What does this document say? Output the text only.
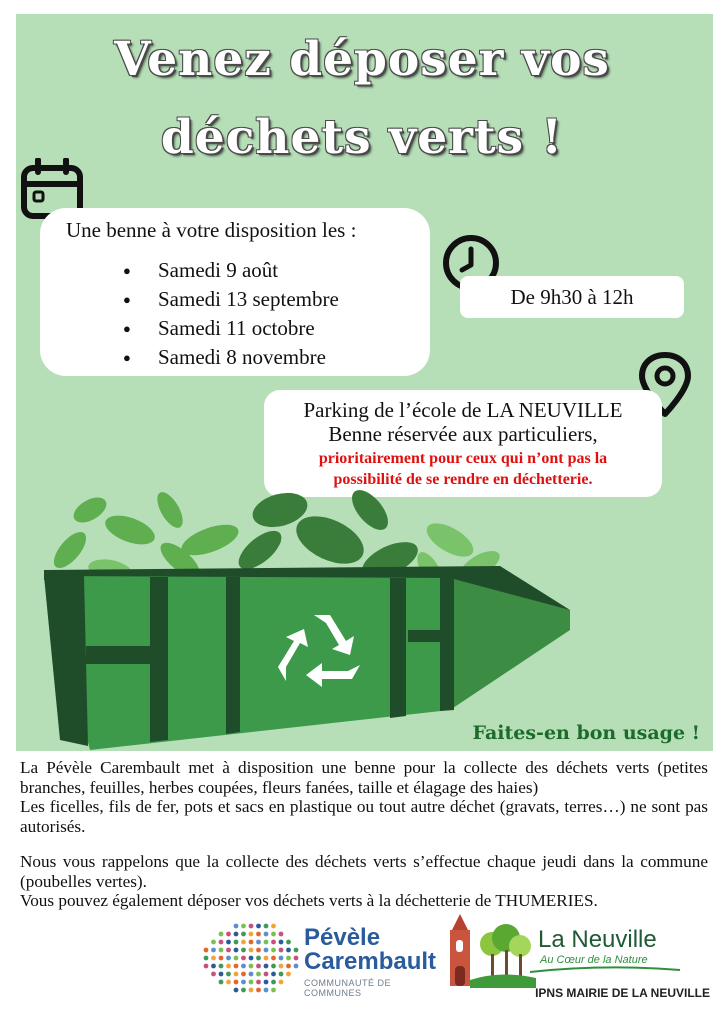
Venez déposer vos
déchets verts !
Une benne à votre disposition les :
● Samedi 9 août
● Samedi 13 septembre
● Samedi 11 octobre
● Samedi 8 novembre
De 9h30 à 12h
Parking de l’école de LA NEUVILLE
Benne réservée aux particuliers,
prioritairement pour ceux qui n’ont pas la
possibilité de se rendre en déchetterie.
Faites-en bon usage !
La Pévèle Carembault met à disposition une benne pour la collecte des déchets verts (petites branches, feuilles, herbes coupées, fleurs fanées, taille et élagage des haies)
Les ficelles, fils de fer, pots et sacs en plastique ou tout autre déchet (gravats, terres…) ne sont pas autorisés.
Nous vous rappelons que la collecte des déchets verts s’effectue chaque jeudi dans la commune (poubelles vertes).
Vous pouvez également déposer vos déchets verts à la déchetterie de THUMERIES.
Pévèle
Carembault
COMMUNAUTÉ DE COMMUNES
La Neuville
Au Cœur de la Nature
IPNS MAIRIE DE LA NEUVILLE
